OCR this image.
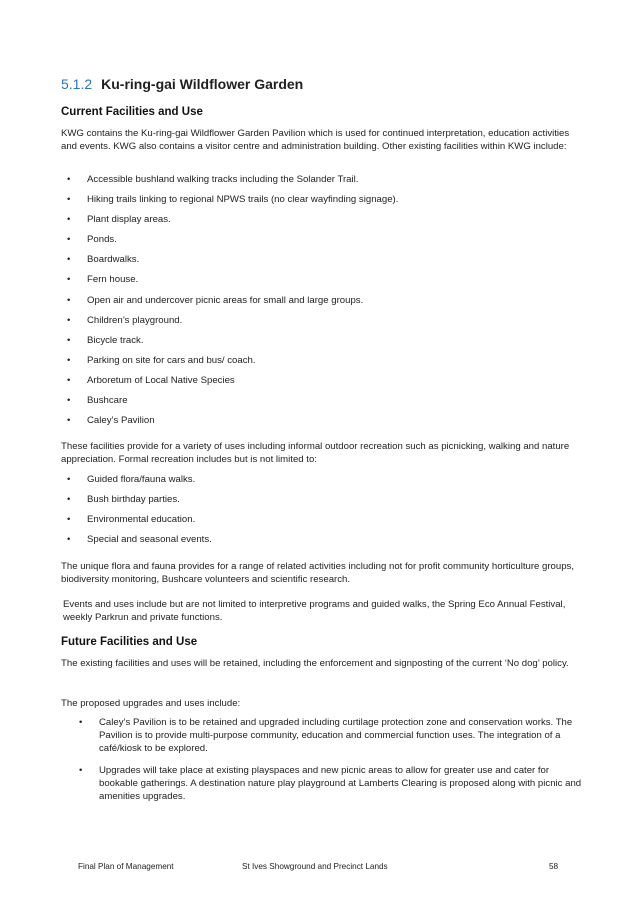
5.1.2 Ku-ring-gai Wildflower Garden
Current Facilities and Use

KWG contains the Ku-ring-gai Wildflower Garden Pavilion which is used for continued interpretation, education activities and events. KWG also contains a visitor centre and administration building. Other existing facilities within KWG include:

• Accessible bushland walking tracks including the Solander Trail.
• Hiking trails linking to regional NPWS trails (no clear wayfinding signage).
• Plant display areas.
• Ponds.
• Boardwalks.
• Fern house.
• Open air and undercover picnic areas for small and large groups.
• Children’s playground.
• Bicycle track.
• Parking on site for cars and bus/ coach.
• Arboretum of Local Native Species
• Bushcare
• Caley’s Pavilion

These facilities provide for a variety of uses including informal outdoor recreation such as picnicking, walking and nature appreciation. Formal recreation includes but is not limited to:

• Guided flora/fauna walks.
• Bush birthday parties.
• Environmental education.
• Special and seasonal events.

The unique flora and fauna provides for a range of related activities including not for profit community horticulture groups, biodiversity monitoring, Bushcare volunteers and scientific research.

Events and uses include but are not limited to interpretive programs and guided walks, the Spring Eco Annual Festival, weekly Parkrun and private functions.

Future Facilities and Use

The existing facilities and uses will be retained, including the enforcement and signposting of the current ‘No dog’ policy.

The proposed upgrades and uses include:

• Caley’s Pavilion is to be retained and upgraded including curtilage protection zone and conservation works. The Pavilion is to provide multi-purpose community, education and commercial function uses. The integration of a café/kiosk to be explored.
• Upgrades will take place at existing playspaces and new picnic areas to allow for greater use and cater for bookable gatherings. A destination nature play playground at Lamberts Clearing is proposed along with picnic and amenities upgrades.
Final Plan of Management	St Ives Showground and Precinct Lands	58
